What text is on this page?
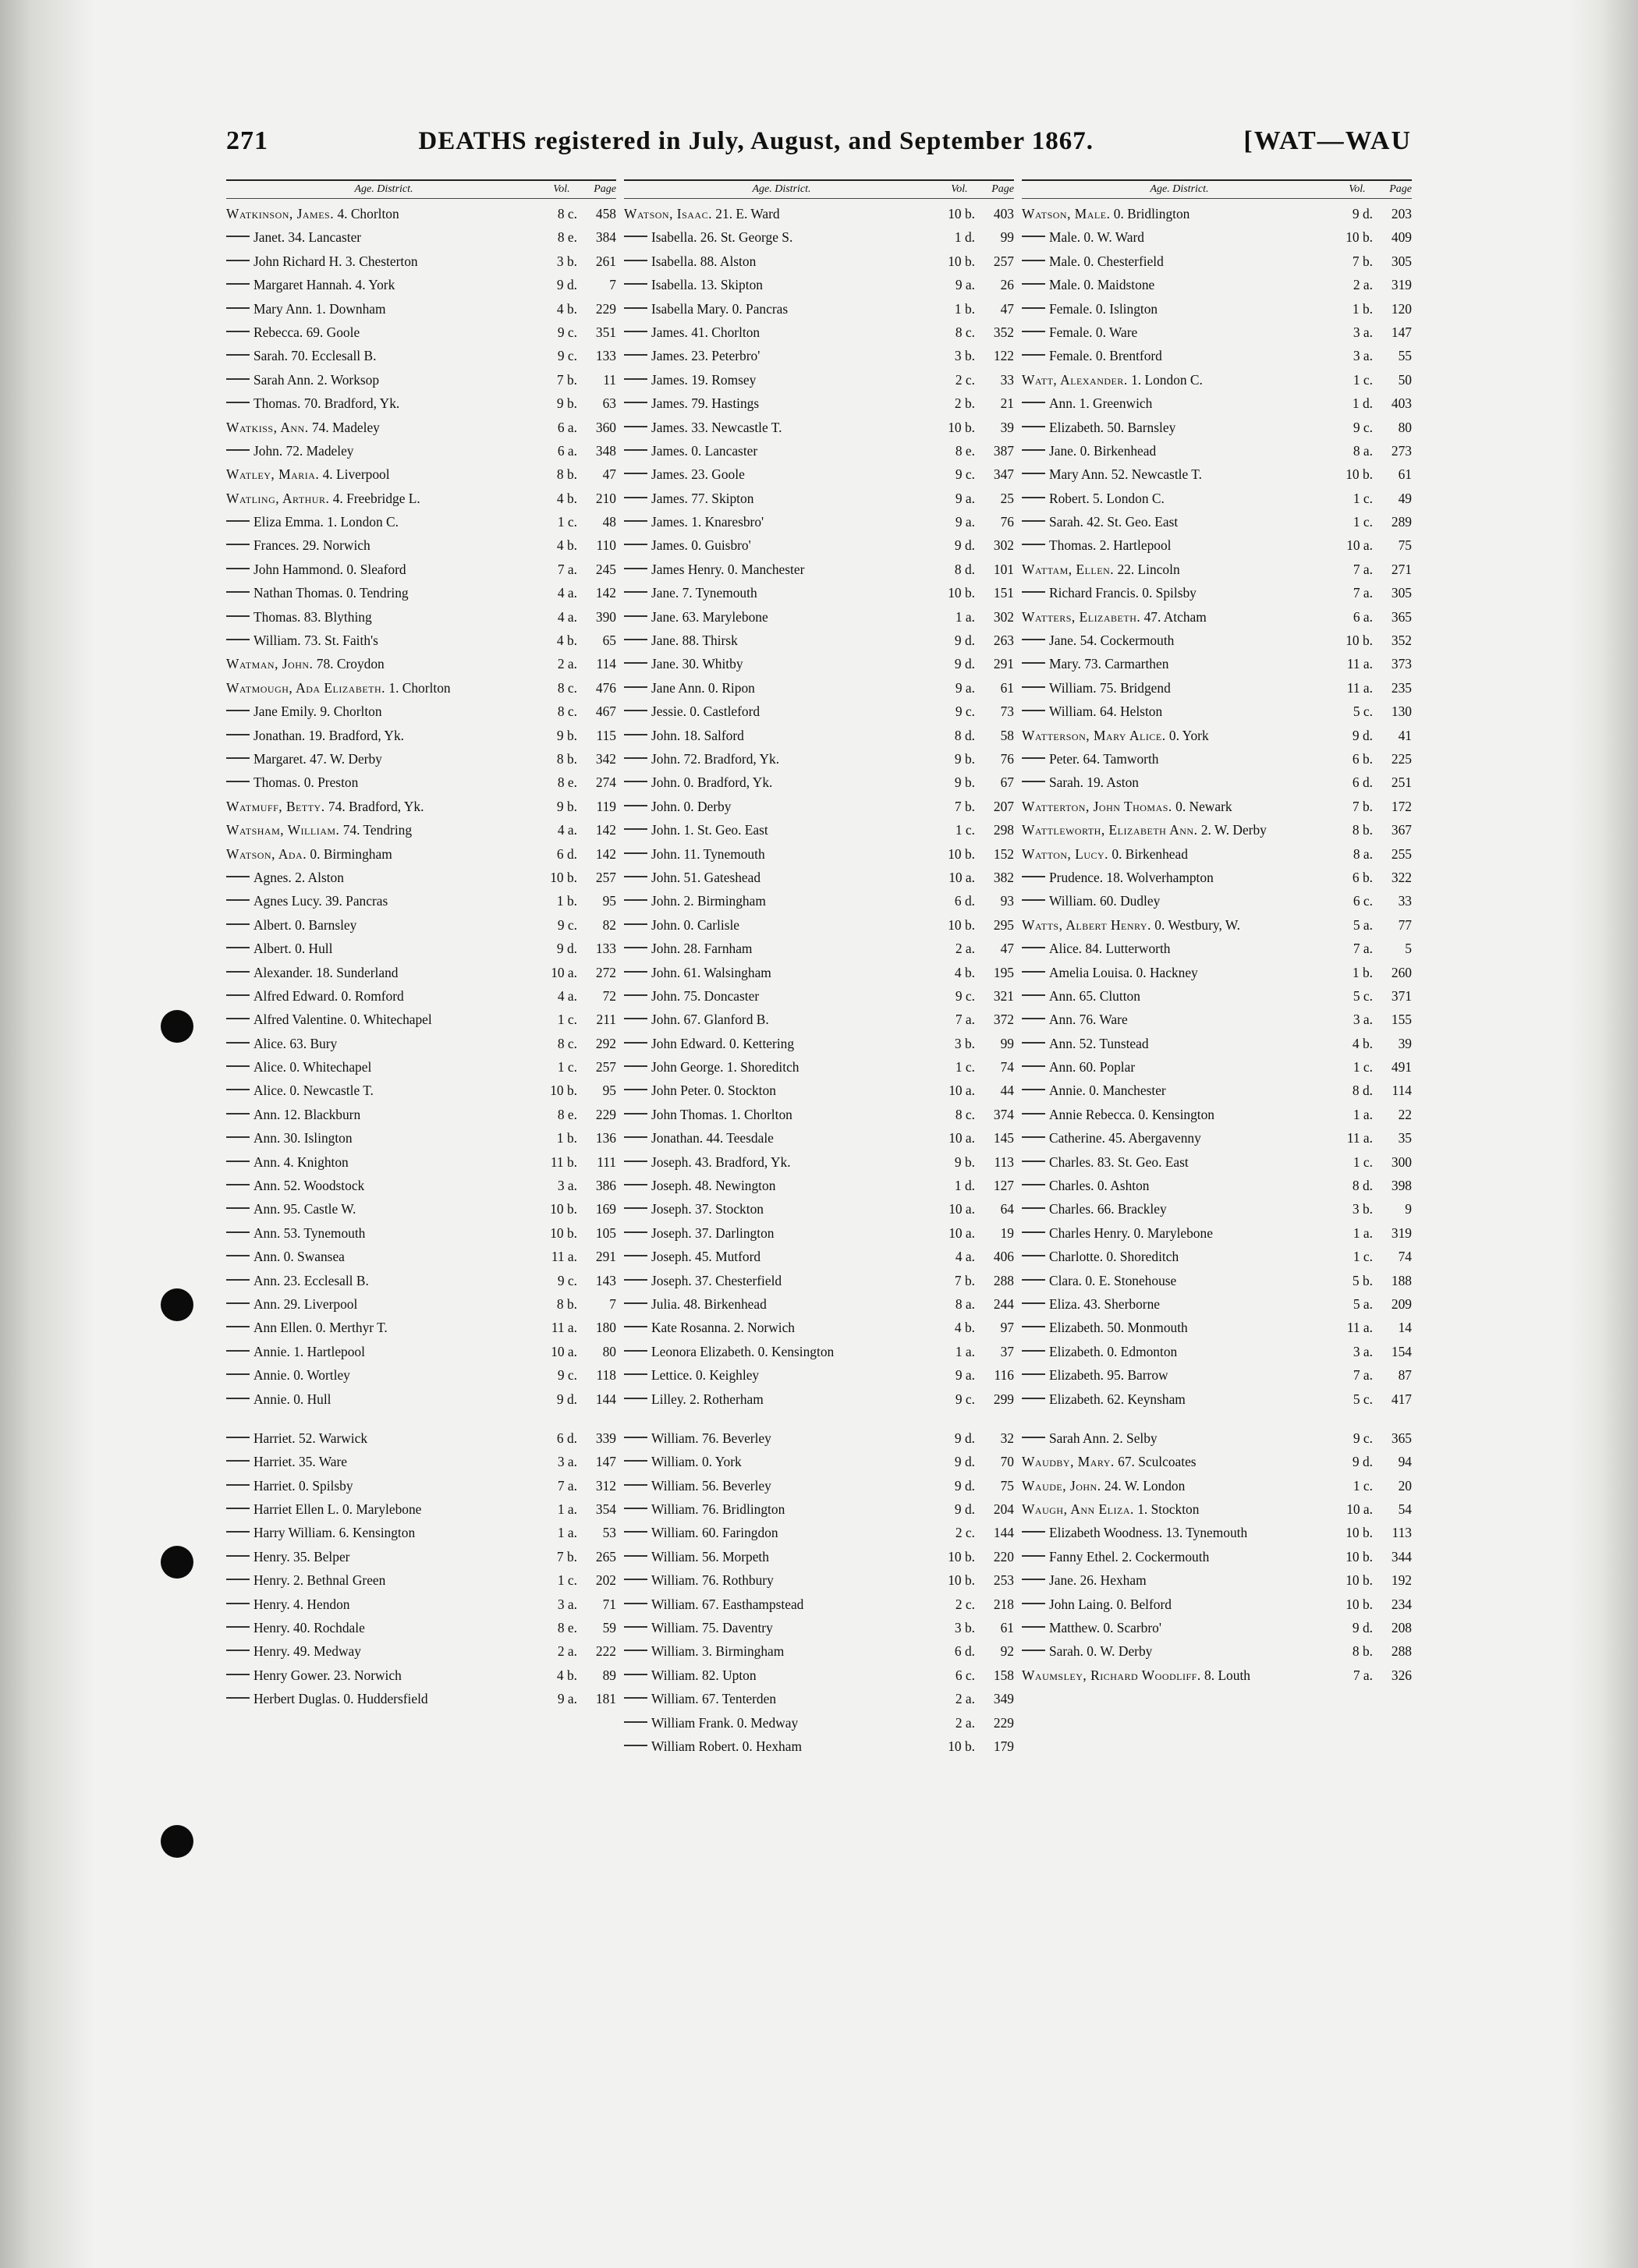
271	DEATHS registered in July, August, and September 1867.	[WAT—WAU
Age. District.	Vol.	Page
Watkinson, James. 4. Chorlton	8 c.	458
Janet. 34. Lancaster	8 e.	384
John Richard H. 3. Chesterton	3 b.	261
Margaret Hannah. 4. York	9 d.	7
Mary Ann. 1. Downham	4 b.	229
Rebecca. 69. Goole	9 c.	351
Sarah. 70. Ecclesall B.	9 c.	133
Sarah Ann. 2. Worksop	7 b.	11
Thomas. 70. Bradford, Yk.	9 b.	63
Watkiss, Ann. 74. Madeley	6 a.	360
John. 72. Madeley	6 a.	348
Watley, Maria. 4. Liverpool	8 b.	47
Watling, Arthur. 4. Freebridge L.	4 b.	210
Eliza Emma. 1. London C.	1 c.	48
Frances. 29. Norwich	4 b.	110
John Hammond. 0. Sleaford	7 a.	245
Nathan Thomas. 0. Tendring	4 a.	142
Thomas. 83. Blything	4 a.	390
William. 73. St. Faith's	4 b.	65
Watman, John. 78. Croydon	2 a.	114
Watmough, Ada Elizabeth. 1. Chorlton	8 c.	476
Jane Emily. 9. Chorlton	8 c.	467
Jonathan. 19. Bradford, Yk.	9 b.	115
Margaret. 47. W. Derby	8 b.	342
Thomas. 0. Preston	8 e.	274
Watmuff, Betty. 74. Bradford, Yk.	9 b.	119
Watsham, William. 74. Tendring	4 a.	142
Watson, Ada. 0. Birmingham	6 d.	142
Agnes. 2. Alston	10 b.	257
Agnes Lucy. 39. Pancras	1 b.	95
Albert. 0. Barnsley	9 c.	82
Albert. 0. Hull	9 d.	133
Alexander. 18. Sunderland	10 a.	272
Alfred Edward. 0. Romford	4 a.	72
Alfred Valentine. 0. Whitechapel	1 c.	211
Alice. 63. Bury	8 c.	292
Alice. 0. Whitechapel	1 c.	257
Alice. 0. Newcastle T.	10 b.	95
Ann. 12. Blackburn	8 e.	229
Ann. 30. Islington	1 b.	136
Ann. 4. Knighton	11 b.	111
Ann. 52. Woodstock	3 a.	386
Ann. 95. Castle W.	10 b.	169
Ann. 53. Tynemouth	10 b.	105
Ann. 0. Swansea	11 a.	291
Ann. 23. Ecclesall B.	9 c.	143
Ann. 29. Liverpool	8 b.	7
Ann Ellen. 0. Merthyr T.	11 a.	180
Annie. 1. Hartlepool	10 a.	80
Annie. 0. Wortley	9 c.	118
Annie. 0. Hull	9 d.	144
Harriet. 52. Warwick	6 d.	339
Harriet. 35. Ware	3 a.	147
Harriet. 0. Spilsby	7 a.	312
Harriet Ellen L. 0. Marylebone	1 a.	354
Harry William. 6. Kensington	1 a.	53
Henry. 35. Belper	7 b.	265
Henry. 2. Bethnal Green	1 c.	202
Henry. 4. Hendon	3 a.	71
Henry. 40. Rochdale	8 e.	59
Henry. 49. Medway	2 a.	222
Henry Gower. 23. Norwich	4 b.	89
Herbert Duglas. 0. Huddersfield	9 a.	181
Age. District.	Vol.	Page
Watson, Isaac. 21. E. Ward	10 b.	403
Isabella. 26. St. George S.	1 d.	99
Isabella. 88. Alston	10 b.	257
Isabella. 13. Skipton	9 a.	26
Isabella Mary. 0. Pancras	1 b.	47
James. 41. Chorlton	8 c.	352
James. 23. Peterbro'	3 b.	122
James. 19. Romsey	2 c.	33
James. 79. Hastings	2 b.	21
James. 33. Newcastle T.	10 b.	39
James. 0. Lancaster	8 e.	387
James. 23. Goole	9 c.	347
James. 77. Skipton	9 a.	25
James. 1. Knaresbro'	9 a.	76
James. 0. Guisbro'	9 d.	302
James Henry. 0. Manchester	8 d.	101
Jane. 7. Tynemouth	10 b.	151
Jane. 63. Marylebone	1 a.	302
Jane. 88. Thirsk	9 d.	263
Jane. 30. Whitby	9 d.	291
Jane Ann. 0. Ripon	9 a.	61
Jessie. 0. Castleford	9 c.	73
John. 18. Salford	8 d.	58
John. 72. Bradford, Yk.	9 b.	76
John. 0. Bradford, Yk.	9 b.	67
John. 0. Derby	7 b.	207
John. 1. St. Geo. East	1 c.	298
John. 11. Tynemouth	10 b.	152
John. 51. Gateshead	10 a.	382
John. 2. Birmingham	6 d.	93
John. 0. Carlisle	10 b.	295
John. 28. Farnham	2 a.	47
John. 61. Walsingham	4 b.	195
John. 75. Doncaster	9 c.	321
John. 67. Glanford B.	7 a.	372
John Edward. 0. Kettering	3 b.	99
John George. 1. Shoreditch	1 c.	74
John Peter. 0. Stockton	10 a.	44
John Thomas. 1. Chorlton	8 c.	374
Jonathan. 44. Teesdale	10 a.	145
Joseph. 43. Bradford, Yk.	9 b.	113
Joseph. 48. Newington	1 d.	127
Joseph. 37. Stockton	10 a.	64
Joseph. 37. Darlington	10 a.	19
Joseph. 45. Mutford	4 a.	406
Joseph. 37. Chesterfield	7 b.	288
Julia. 48. Birkenhead	8 a.	244
Kate Rosanna. 2. Norwich	4 b.	97
Leonora Elizabeth. 0. Kensington	1 a.	37
Lettice. 0. Keighley	9 a.	116
Lilley. 2. Rotherham	9 c.	299
William. 76. Beverley	9 d.	32
William. 0. York	9 d.	70
William. 56. Beverley	9 d.	75
William. 76. Bridlington	9 d.	204
William. 60. Faringdon	2 c.	144
William. 56. Morpeth	10 b.	220
William. 76. Rothbury	10 b.	253
William. 67. Easthampstead	2 c.	218
William. 75. Daventry	3 b.	61
William. 3. Birmingham	6 d.	92
William. 82. Upton	6 c.	158
William. 67. Tenterden	2 a.	349
William Frank. 0. Medway	2 a.	229
William Robert. 0. Hexham	10 b.	179
Age. District.	Vol.	Page
Watson, Male. 0. Bridlington	9 d.	203
Male. 0. W. Ward	10 b.	409
Male. 0. Chesterfield	7 b.	305
Male. 0. Maidstone	2 a.	319
Female. 0. Islington	1 b.	120
Female. 0. Ware	3 a.	147
Female. 0. Brentford	3 a.	55
Watt, Alexander. 1. London C.	1 c.	50
Ann. 1. Greenwich	1 d.	403
Elizabeth. 50. Barnsley	9 c.	80
Jane. 0. Birkenhead	8 a.	273
Mary Ann. 52. Newcastle T.	10 b.	61
Robert. 5. London C.	1 c.	49
Sarah. 42. St. Geo. East	1 c.	289
Thomas. 2. Hartlepool	10 a.	75
Wattam, Ellen. 22. Lincoln	7 a.	271
Richard Francis. 0. Spilsby	7 a.	305
Watters, Elizabeth. 47. Atcham	6 a.	365
Jane. 54. Cockermouth	10 b.	352
Mary. 73. Carmarthen	11 a.	373
William. 75. Bridgend	11 a.	235
William. 64. Helston	5 c.	130
Watterson, Mary Alice. 0. York	9 d.	41
Peter. 64. Tamworth	6 b.	225
Sarah. 19. Aston	6 d.	251
Watterton, John Thomas. 0. Newark	7 b.	172
Wattleworth, Elizabeth Ann. 2. W. Derby	8 b.	367
Watton, Lucy. 0. Birkenhead	8 a.	255
Prudence. 18. Wolverhampton	6 b.	322
William. 60. Dudley	6 c.	33
Watts, Albert Henry. 0. Westbury, W.	5 a.	77
Alice. 84. Lutterworth	7 a.	5
Amelia Louisa. 0. Hackney	1 b.	260
Ann. 65. Clutton	5 c.	371
Ann. 76. Ware	3 a.	155
Ann. 52. Tunstead	4 b.	39
Ann. 60. Poplar	1 c.	491
Annie. 0. Manchester	8 d.	114
Annie Rebecca. 0. Kensington	1 a.	22
Catherine. 45. Abergavenny	11 a.	35
Charles. 83. St. Geo. East	1 c.	300
Charles. 0. Ashton	8 d.	398
Charles. 66. Brackley	3 b.	9
Charles Henry. 0. Marylebone	1 a.	319
Charlotte. 0. Shoreditch	1 c.	74
Clara. 0. E. Stonehouse	5 b.	188
Eliza. 43. Sherborne	5 a.	209
Elizabeth. 50. Monmouth	11 a.	14
Elizabeth. 0. Edmonton	3 a.	154
Elizabeth. 95. Barrow	7 a.	87
Elizabeth. 62. Keynsham	5 c.	417
Sarah Ann. 2. Selby	9 c.	365
Waudby, Mary. 67. Sculcoates	9 d.	94
Waude, John. 24. W. London	1 c.	20
Waugh, Ann Eliza. 1. Stockton	10 a.	54
Elizabeth Woodness. 13. Tynemouth	10 b.	113
Fanny Ethel. 2. Cockermouth	10 b.	344
Jane. 26. Hexham	10 b.	192
John Laing. 0. Belford	10 b.	234
Matthew. 0. Scarbro'	9 d.	208
Sarah. 0. W. Derby	8 b.	288
Waumsley, Richard Woodliff. 8. Louth	7 a.	326
